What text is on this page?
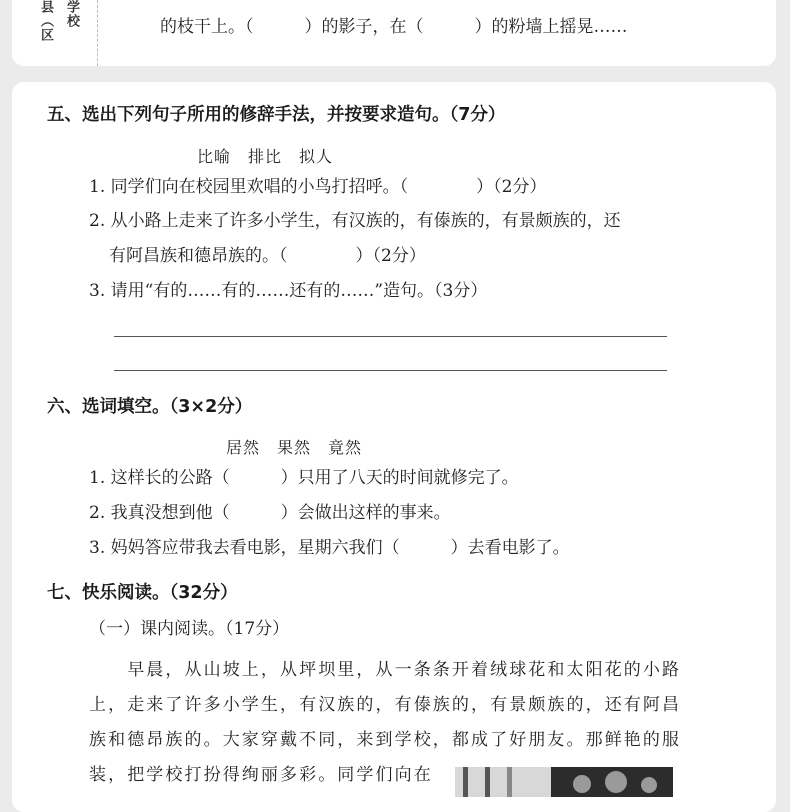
县（区 学校	的枝干上。（　　　）的影子，在（　　　）的粉墙上摇晃……
五、选出下列句子所用的修辞手法，并按要求造句。（7分）
比喻　排比　拟人
1. 同学们向在校园里欢唱的小鸟打招呼。（　　　　）（2分）
2. 从小路上走来了许多小学生，有汉族的，有傣族的，有景颇族的，还
有阿昌族和德昂族的。（　　　　）（2分）
3. 请用“有的……有的……还有的……”造句。（3分）
六、选词填空。（3×2分）
居然　果然　竟然
1. 这样长的公路（　　　）只用了八天的时间就修完了。
2. 我真没想到他（　　　）会做出这样的事来。
3. 妈妈答应带我去看电影，星期六我们（　　　）去看电影了。
七、快乐阅读。（32分）
（一）课内阅读。（17分）
　　早晨，从山坡上，从坪坝里，从一条条开着绒球花和太阳花的小路
上，走来了许多小学生，有汉族的，有傣族的，有景颇族的，还有阿昌
族和德昂族的。大家穿戴不同，来到学校，都成了好朋友。那鲜艳的服
装，把学校打扮得绚丽多彩。同学们向在
